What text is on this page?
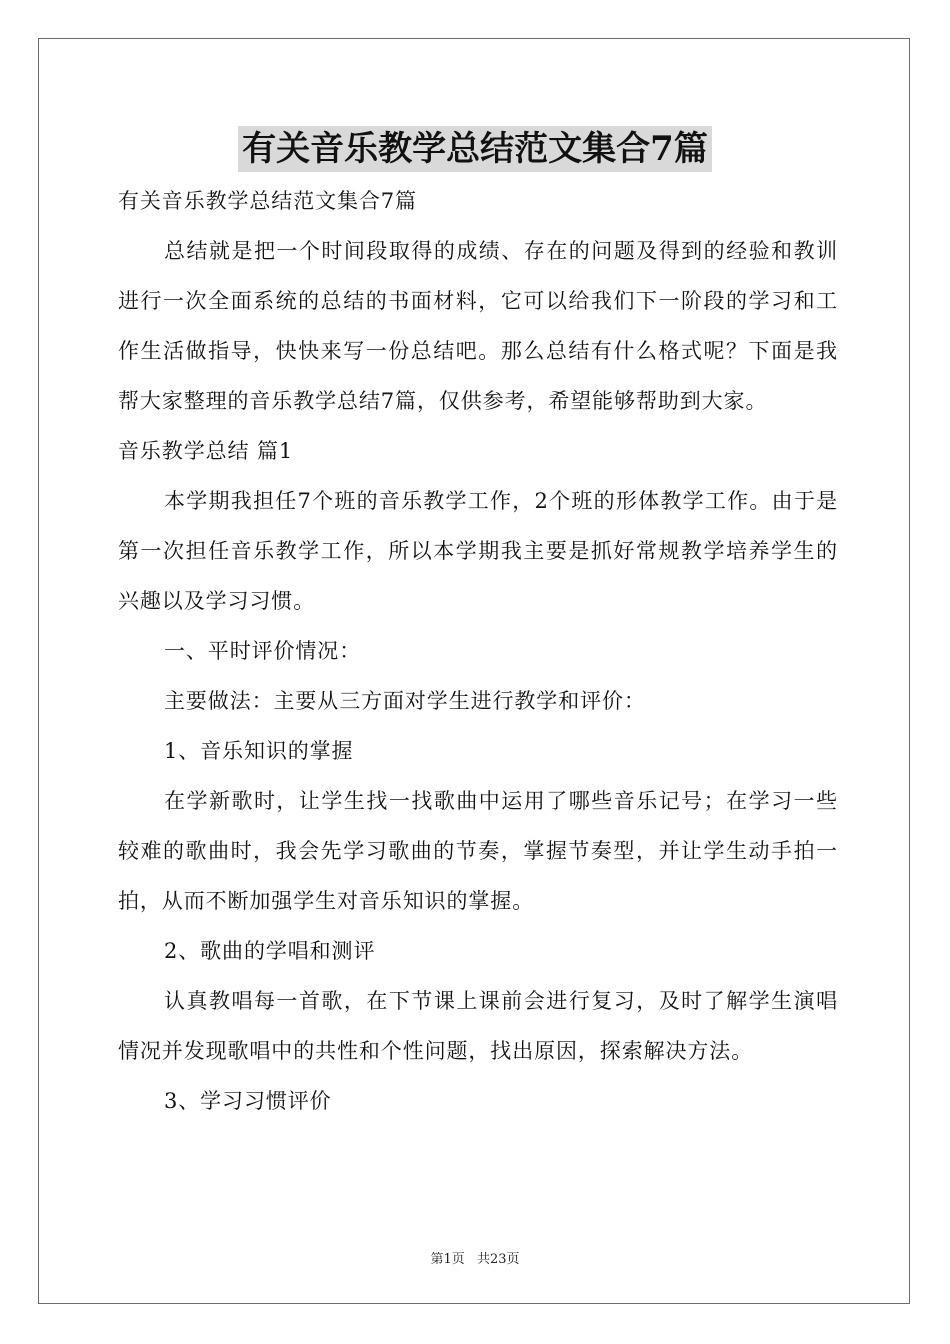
有关音乐教学总结范文集合7篇
有关音乐教学总结范文集合7篇

总结就是把一个时间段取得的成绩、存在的问题及得到的经验和教训进行一次全面系统的总结的书面材料，它可以给我们下一阶段的学习和工作生活做指导，快快来写一份总结吧。那么总结有什么格式呢？下面是我帮大家整理的音乐教学总结7篇，仅供参考，希望能够帮助到大家。

音乐教学总结 篇1

本学期我担任7个班的音乐教学工作，2个班的形体教学工作。由于是第一次担任音乐教学工作，所以本学期我主要是抓好常规教学培养学生的兴趣以及学习习惯。

一、平时评价情况：
主要做法：主要从三方面对学生进行教学和评价：
1、音乐知识的掌握

在学新歌时，让学生找一找歌曲中运用了哪些音乐记号；在学习一些较难的歌曲时，我会先学习歌曲的节奏，掌握节奏型，并让学生动手拍一拍，从而不断加强学生对音乐知识的掌握。

2、歌曲的学唱和测评

认真教唱每一首歌，在下节课上课前会进行复习，及时了解学生演唱情况并发现歌唱中的共性和个性问题，找出原因，探索解决方法。

3、学习习惯评价
第1页 共23页
